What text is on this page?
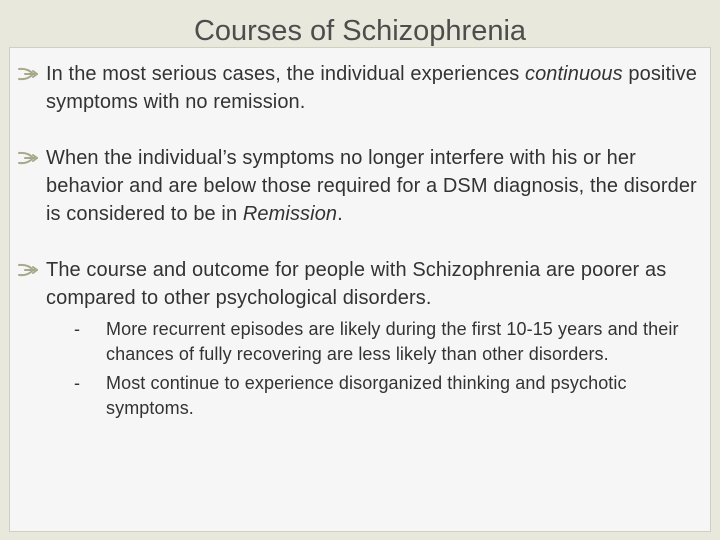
Courses of Schizophrenia
In the most serious cases, the individual experiences continuous positive symptoms with no remission.
When the individual’s symptoms no longer interfere with his or her behavior and are below those required for a DSM diagnosis, the disorder is considered to be in Remission.
The course and outcome for people with Schizophrenia are poorer as compared to other psychological disorders.
- More recurrent episodes are likely during the first 10-15 years and their chances of fully recovering are less likely than other disorders.
- Most continue to experience disorganized thinking and psychotic symptoms.
